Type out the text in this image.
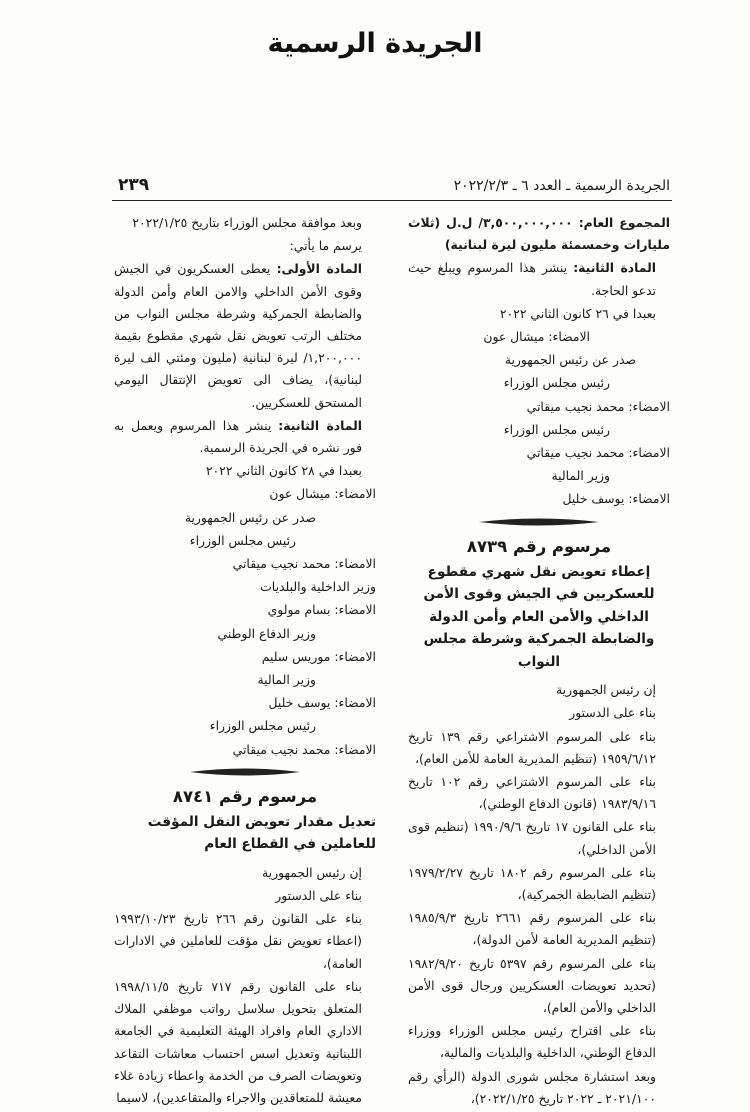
الجريدة الرسمية
الجريدة الرسمية ـ العدد ٦ ـ ٢٠٢٢/٢/٣
٢٣٩

المجموع العام: ٣,٥٠٠,٠٠٠,٠٠٠/ ل.ل (ثلاث مليارات وخمسمئة مليون ليرة لبنانية)

المادة الثانية: ينشر هذا المرسوم ويبلغ حيث تدعو الحاجة.

بعبدا في ٢٦ كانون الثاني ٢٠٢٢

الامضاء: ميشال عون

صدر عن رئيس الجمهورية

رئيس مجلس الوزراء

الامضاء: محمد نجيب ميقاتي

رئيس مجلس الوزراء

الامضاء: محمد نجيب ميقاتي

وزير المالية

الامضاء: يوسف خليل

مرسوم رقم ٨٧٣٩
إعطاء تعويض نقل شهري مقطوع للعسكريين في الجيش وقوى الأمن الداخلي والأمن العام وأمن الدولة والضابطة الجمركية وشرطة مجلس النواب

إن رئيس الجمهورية

بناء على الدستور

بناء على المرسوم الاشتراعي رقم ١٣٩ تاريخ ١٩٥٩/٦/١٢ (تنظيم المديرية العامة للأمن العام)،

بناء على المرسوم الاشتراعي رقم ١٠٢ تاريخ ١٩٨٣/٩/١٦ (قانون الدفاع الوطني)،

بناء على القانون ١٧ تاريخ ١٩٩٠/٩/٦ (تنظيم قوى الأمن الداخلي)،

بناء على المرسوم رقم ١٨٠٢ تاريخ ١٩٧٩/٢/٢٧ (تنظيم الضابطة الجمركية)،

بناء على المرسوم رقم ٢٦٦١ تاريخ ١٩٨٥/٩/٣ (تنظيم المديرية العامة لأمن الدولة)،

بناء على المرسوم رقم ٥٣٩٧ تاريخ ١٩٨٢/٩/٢٠ (تحديد تعويضات العسكريين ورجال قوى الأمن الداخلي والأمن العام)،

بناء على اقتراح رئيس مجلس الوزراء ووزراء الدفاع الوطني، الداخلية والبلديات والمالية،

وبعد استشارة مجلس شورى الدولة (الرأي رقم ٢٠٢١/١٠٠ ـ ٢٠٢٢ تاريخ ٢٠٢٢/١/٢٥)،

وبعد موافقة مجلس الوزراء بتاريخ ٢٠٢٢/١/٢٥

يرسم ما يأتي:

المادة الأولى: يعطى العسكريون في الجيش وقوى الأمن الداخلي والامن العام وأمن الدولة والضابطة الجمركية وشرطة مجلس النواب من مختلف الرتب تعويض نقل شهري مقطوع بقيمة ١,٢٠٠,٠٠٠/ ليرة لبنانية (مليون ومئتي الف ليرة لبنانية)، يضاف الى تعويض الإنتقال اليومي المستحق للعسكريين.

المادة الثانية: ينشر هذا المرسوم ويعمل به فور نشره في الجريدة الرسمية.

بعبدا في ٢٨ كانون الثاني ٢٠٢٢

الامضاء: ميشال عون

صدر عن رئيس الجمهورية

رئيس مجلس الوزراء

الامضاء: محمد نجيب ميقاتي

وزير الداخلية والبلديات

الامضاء: بسام مولوي

وزير الدفاع الوطني

الامضاء: موريس سليم

وزير المالية

الامضاء: يوسف خليل

رئيس مجلس الوزراء

الامضاء: محمد نجيب ميقاتي

مرسوم رقم ٨٧٤١
تعديل مقدار تعويض النقل المؤقت للعاملين في القطاع العام

إن رئيس الجمهورية

بناء على الدستور

بناء على القانون رقم ٢٦٦ تاريخ ١٩٩٣/١٠/٢٣ (اعطاء تعويض نقل مؤقت للعاملين في الادارات العامة)،

بناء على القانون رقم ٧١٧ تاريخ ١٩٩٨/١١/٥ المتعلق بتحويل سلاسل رواتب موظفي الملاك الاداري العام وافراد الهيئة التعليمية في الجامعة اللبنانية وتعديل اسس احتساب معاشات التقاعد وتعويضات الصرف من الخدمة واعطاء زيادة غلاء معيشة للمتعاقدين والاجراء والمتقاعدين)، لاسيما
